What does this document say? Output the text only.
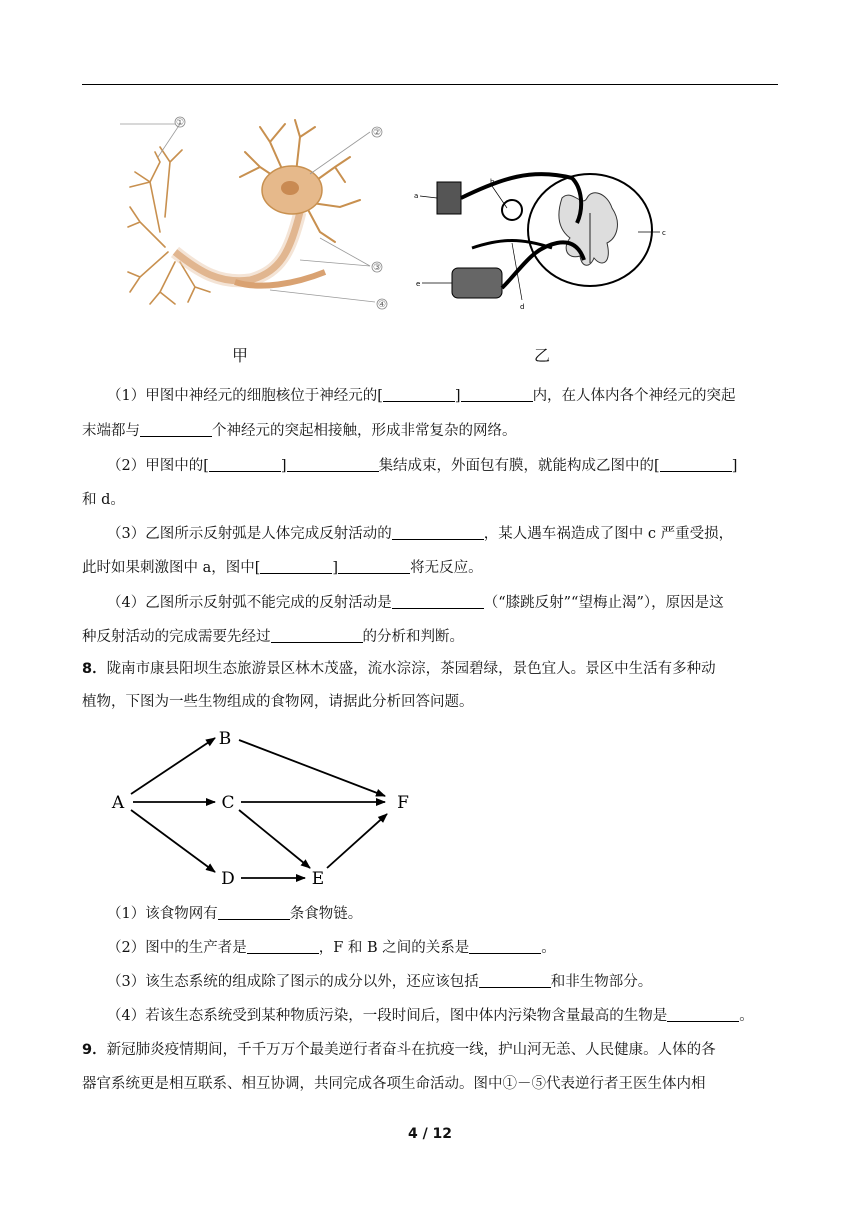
①
②
③
④
a
b
c
d
e
甲	乙
（1）甲图中神经元的细胞核位于神经元的[	]	内，在人体内各个神经元的突起
末端都与	个神经元的突起相接触，形成非常复杂的网络。
（2）甲图中的[	]	集结成束，外面包有膜，就能构成乙图中的[	]
和 d。
（3）乙图所示反射弧是人体完成反射活动的	，某人遇车祸造成了图中 c 严重受损，
此时如果刺激图中 a，图中[	]	将无反应。
（4）乙图所示反射弧不能完成的反射活动是	（“膝跳反射”“望梅止渴”），原因是这
种反射活动的完成需要先经过	的分析和判断。
8．陇南市康县阳坝生态旅游景区林木茂盛，流水淙淙，茶园碧绿，景色宜人。景区中生活有多种动
植物，下图为一些生物组成的食物网，请据此分析回答问题。
A
B
C
D	E
F
（1）该食物网有	条食物链。
（2）图中的生产者是	，F 和 B 之间的关系是	。
（3）该生态系统的组成除了图示的成分以外，还应该包括	和非生物部分。
（4）若该生态系统受到某种物质污染，一段时间后，图中体内污染物含量最高的生物是	。
9．新冠肺炎疫情期间，千千万万个最美逆行者奋斗在抗疫一线，护山河无恙、人民健康。人体的各
器官系统更是相互联系、相互协调，共同完成各项生命活动。图中①－⑤代表逆行者王医生体内相
4 / 12
